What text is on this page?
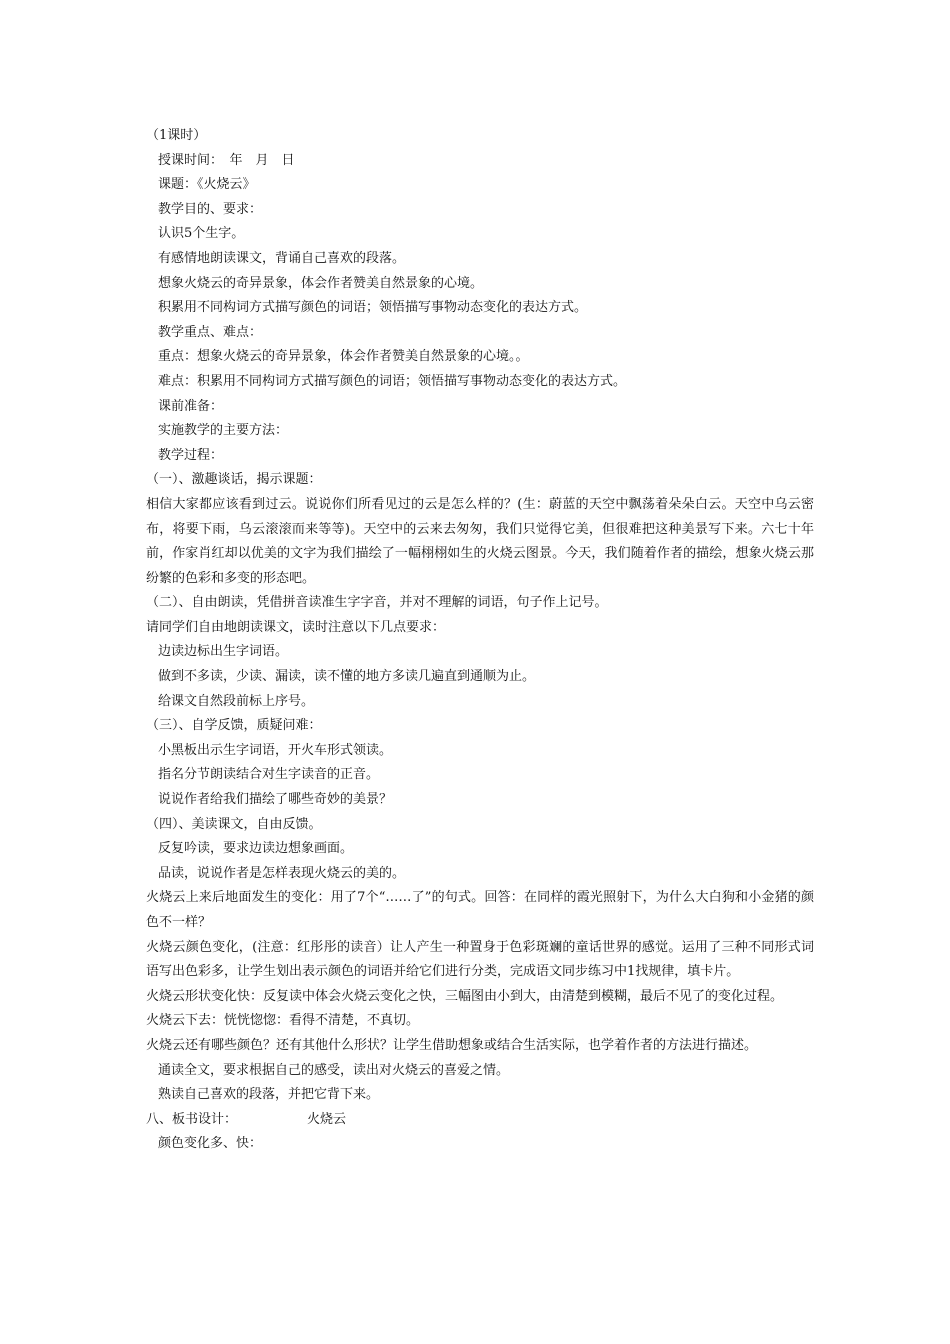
（1课时）
授课时间：　年　月　日
课题：《火烧云》
教学目的、要求：
认识5个生字。
有感情地朗读课文，背诵自己喜欢的段落。
想象火烧云的奇异景象，体会作者赞美自然景象的心境。
积累用不同构词方式描写颜色的词语；领悟描写事物动态变化的表达方式。
教学重点、难点：
重点：想象火烧云的奇异景象，体会作者赞美自然景象的心境。。
难点：积累用不同构词方式描写颜色的词语；领悟描写事物动态变化的表达方式。
课前准备：
实施教学的主要方法：
教学过程：
（一）、激趣谈话，揭示课题：
相信大家都应该看到过云。说说你们所看见过的云是怎么样的？(生：蔚蓝的天空中飘荡着朵朵白云。天空中乌云密布，将要下雨，乌云滚滚而来等等)。天空中的云来去匆匆，我们只觉得它美，但很难把这种美景写下来。六七十年前，作家肖红却以优美的文字为我们描绘了一幅栩栩如生的火烧云图景。今天，我们随着作者的描绘，想象火烧云那纷繁的色彩和多变的形态吧。
（二）、自由朗读，凭借拼音读准生字字音，并对不理解的词语，句子作上记号。
请同学们自由地朗读课文，读时注意以下几点要求：
边读边标出生字词语。
做到不多读，少读、漏读，读不懂的地方多读几遍直到通顺为止。
给课文自然段前标上序号。
（三）、自学反馈，质疑问难：
小黑板出示生字词语，开火车形式领读。
指名分节朗读结合对生字读音的正音。
说说作者给我们描绘了哪些奇妙的美景？
（四）、美读课文，自由反馈。
反复吟读，要求边读边想象画面。
品读，说说作者是怎样表现火烧云的美的。
火烧云上来后地面发生的变化：用了7个“……了”的句式。回答：在同样的霞光照射下，为什么大白狗和小金猪的颜色不一样？
火烧云颜色变化，(注意：红彤彤的读音）让人产生一种置身于色彩斑斓的童话世界的感觉。运用了三种不同形式词语写出色彩多，让学生划出表示颜色的词语并给它们进行分类，完成语文同步练习中1找规律，填卡片。
火烧云形状变化快：反复读中体会火烧云变化之快，三幅图由小到大，由清楚到模糊，最后不见了的变化过程。
火烧云下去：恍恍惚惚：看得不清楚，不真切。
火烧云还有哪些颜色？还有其他什么形状？让学生借助想象或结合生活实际，也学着作者的方法进行描述。
通读全文，要求根据自己的感受，读出对火烧云的喜爱之情。
熟读自己喜欢的段落，并把它背下来。
八、板书设计：	火烧云
颜色变化多、快：
